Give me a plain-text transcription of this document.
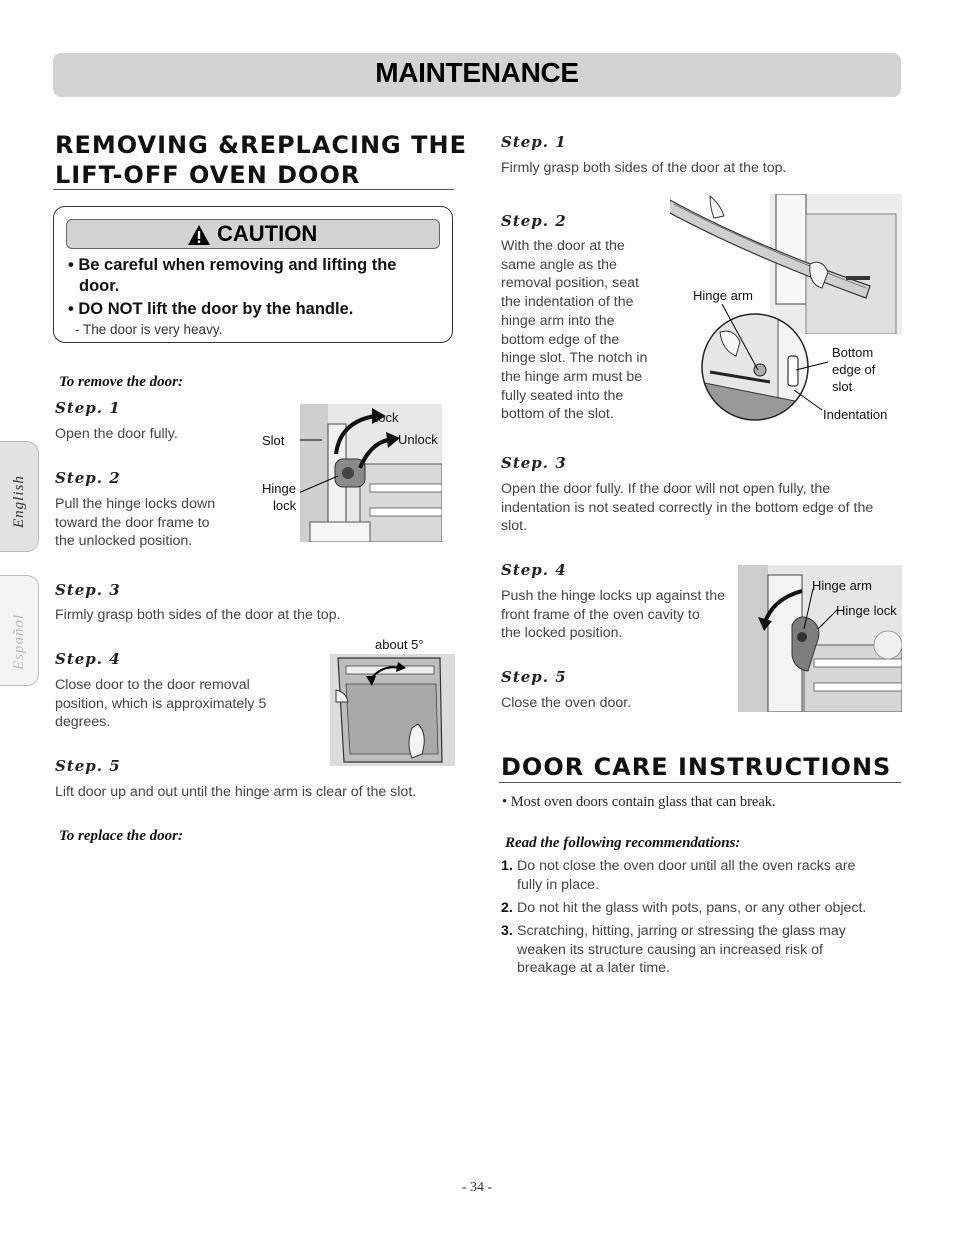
MAINTENANCE
English
Español
REMOVING &REPLACING THE
LIFT-OFF OVEN DOOR
CAUTION
• Be careful when removing and lifting the
door.
• DO NOT lift the door by the handle.
- The door is very heavy.
To remove the door:
Step. 1
Open the door fully.
Step. 2
Pull the hinge locks down
toward the door frame to
the unlocked position.
Lock
Slot	Unlock
Hinge
lock
Step. 3
Firmly grasp both sides of the door at the top.
Step. 4
Close door to the door removal
position, which is approximately 5
degrees.
about 5°
Step. 5
Lift door up and out until the hinge arm is clear of the slot.
To replace the door:
Step. 1
Firmly grasp both sides of the door at the top.
Step. 2
With the door at the
same angle as the
removal position, seat
the indentation of the
hinge arm into the
bottom edge of the
hinge slot. The notch in
the hinge arm must be
fully seated into the
bottom of the slot.
Hinge arm
Bottom
edge of
slot
Indentation
Step. 3
Open the door fully. If the door will not open fully, the
indentation is not seated correctly in the bottom edge of the
slot.
Step. 4
Push the hinge locks up against the
front frame of the oven cavity to
the locked position.
Hinge arm
Hinge lock
Step. 5
Close the oven door.
DOOR CARE INSTRUCTIONS
• Most oven doors contain glass that can break.
Read the following recommendations:
1. Do not close the oven door until all the oven racks are
fully in place.
2. Do not hit the glass with pots, pans, or any other object.
3. Scratching, hitting, jarring or stressing the glass may
weaken its structure causing an increased risk of
breakage at a later time.
- 34 -
